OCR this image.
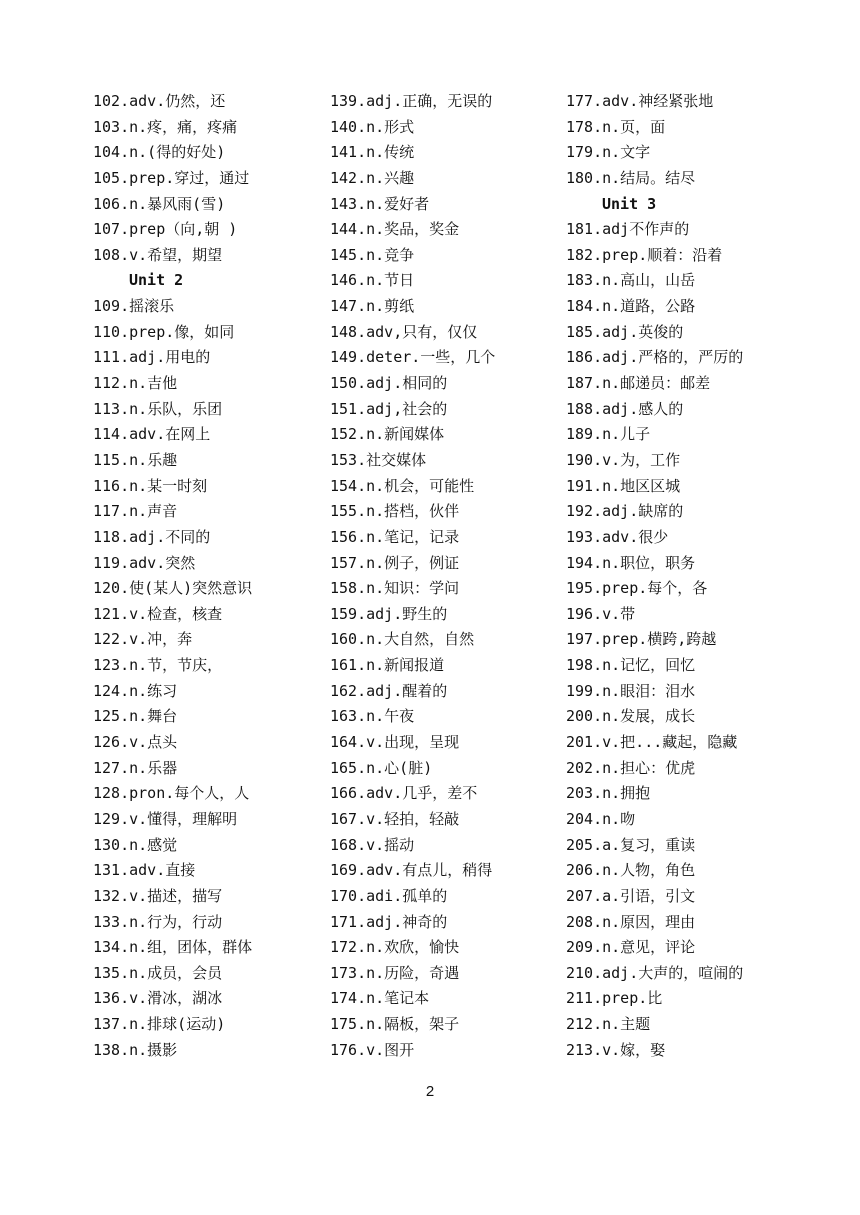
102.adv.仍然，还
103.n.疼，痛，疼痛
104.n.(得的好处)
105.prep.穿过，通过
106.n.暴风雨(雪)
107.prep（向,朝 )
108.v.希望，期望
Unit 2
109.摇滚乐
110.prep.像，如同
111.adj.用电的
112.n.吉他
113.n.乐队，乐团
114.adv.在网上
115.n.乐趣
116.n.某一时刻
117.n.声音
118.adj.不同的
119.adv.突然
120.使(某人)突然意识
121.v.检查，核查
122.v.冲，奔
123.n.节，节庆，
124.n.练习
125.n.舞台
126.v.点头
127.n.乐器
128.pron.每个人，人
129.v.懂得，理解明
130.n.感觉
131.adv.直接
132.v.描述，描写
133.n.行为，行动
134.n.组，团体，群体
135.n.成员，会员
136.v.滑冰，湖冰
137.n.排球(运动)
138.n.摄影
139.adj.正确，无误的
140.n.形式
141.n.传统
142.n.兴趣
143.n.爱好者
144.n.奖品，奖金
145.n.竞争
146.n.节日
147.n.剪纸
148.adv,只有，仅仅
149.deter.一些，几个
150.adj.相同的
151.adj,社会的
152.n.新闻媒体
153.社交媒体
154.n.机会，可能性
155.n.搭档，伙伴
156.n.笔记，记录
157.n.例子，例证
158.n.知识：学问
159.adj.野生的
160.n.大自然，自然
161.n.新闻报道
162.adj.醒着的
163.n.午夜
164.v.出现，呈现
165.n.心(脏)
166.adv.几乎，差不
167.v.轻拍，轻敲
168.v.摇动
169.adv.有点儿，稍得
170.adi.孤单的
171.adj.神奇的
172.n.欢欣，愉快
173.n.历险，奇遇
174.n.笔记本
175.n.隔板，架子
176.v.图开
177.adv.神经紧张地
178.n.页，面
179.n.文字
180.n.结局。结尽
Unit 3
181.adj不作声的
182.prep.顺着：沿着
183.n.高山，山岳
184.n.道路，公路
185.adj.英俊的
186.adj.严格的，严厉的
187.n.邮递员：邮差
188.adj.感人的
189.n.儿子
190.v.为，工作
191.n.地区区城
192.adj.缺席的
193.adv.很少
194.n.职位，职务
195.prep.每个，各
196.v.带
197.prep.横跨,跨越
198.n.记忆，回忆
199.n.眼泪：泪水
200.n.发展，成长
201.v.把...藏起，隐藏
202.n.担心：优虎
203.n.拥抱
204.n.吻
205.a.复习，重读
206.n.人物，角色
207.a.引语，引文
208.n.原因，理由
209.n.意见，评论
210.adj.大声的，喧闹的
211.prep.比
212.n.主题
213.v.嫁，娶
2
